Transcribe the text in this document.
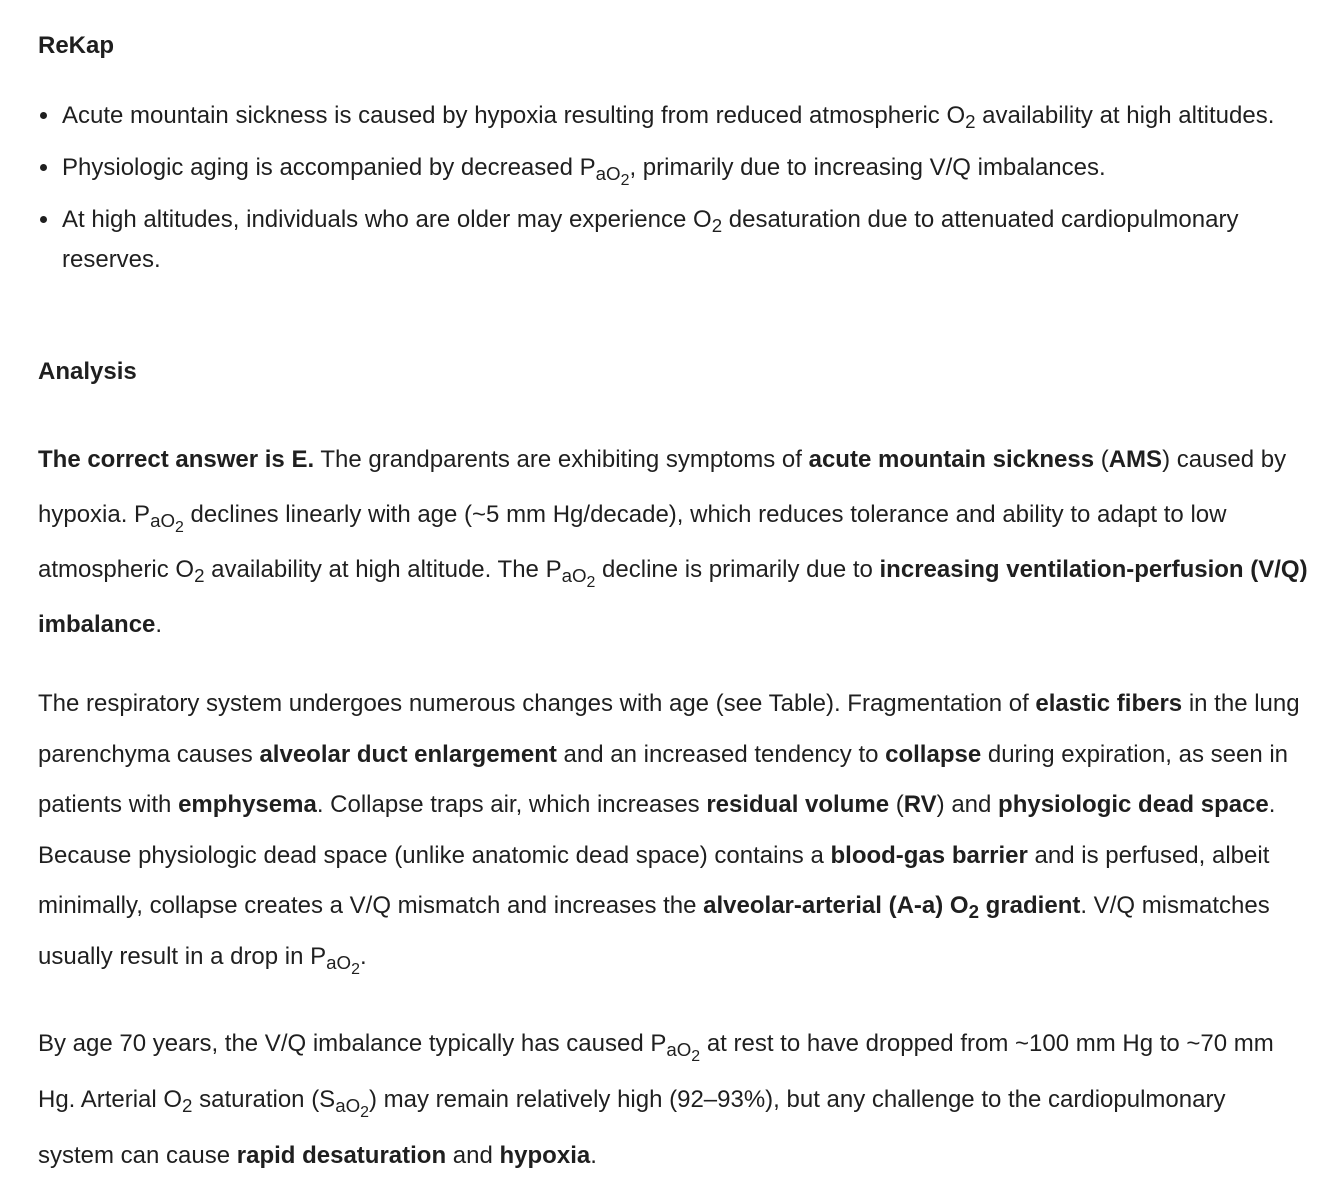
ReKap
Acute mountain sickness is caused by hypoxia resulting from reduced atmospheric $O_2$ availability at high altitudes.
Physiologic aging is accompanied by decreased $P_{aO_2}$, primarily due to increasing V/Q imbalances.
At high altitudes, individuals who are older may experience $O_2$ desaturation due to attenuated cardiopulmonary reserves.
Analysis

The correct answer is E. The grandparents are exhibiting symptoms of acute mountain sickness (AMS) caused by hypoxia. $P_{aO_2}$ declines linearly with age (~5 mm Hg/decade), which reduces tolerance and ability to adapt to low atmospheric $O_2$ availability at high altitude. The $P_{aO_2}$ decline is primarily due to increasing ventilation-perfusion (V/Q) imbalance.

The respiratory system undergoes numerous changes with age (see Table). Fragmentation of elastic fibers in the lung parenchyma causes alveolar duct enlargement and an increased tendency to collapse during expiration, as seen in patients with emphysema. Collapse traps air, which increases residual volume (RV) and physiologic dead space. Because physiologic dead space (unlike anatomic dead space) contains a blood-gas barrier and is perfused, albeit minimally, collapse creates a V/Q mismatch and increases the alveolar-arterial (A-a) $O_2$ gradient. V/Q mismatches usually result in a drop in $P_{aO_2}$.

By age 70 years, the V/Q imbalance typically has caused $P_{aO_2}$ at rest to have dropped from ~100 mm Hg to ~70 mm Hg. Arterial $O_2$ saturation $(S_{aO_2})$ may remain relatively high (92–93%), but any challenge to the cardiopulmonary system can cause rapid desaturation and hypoxia.
